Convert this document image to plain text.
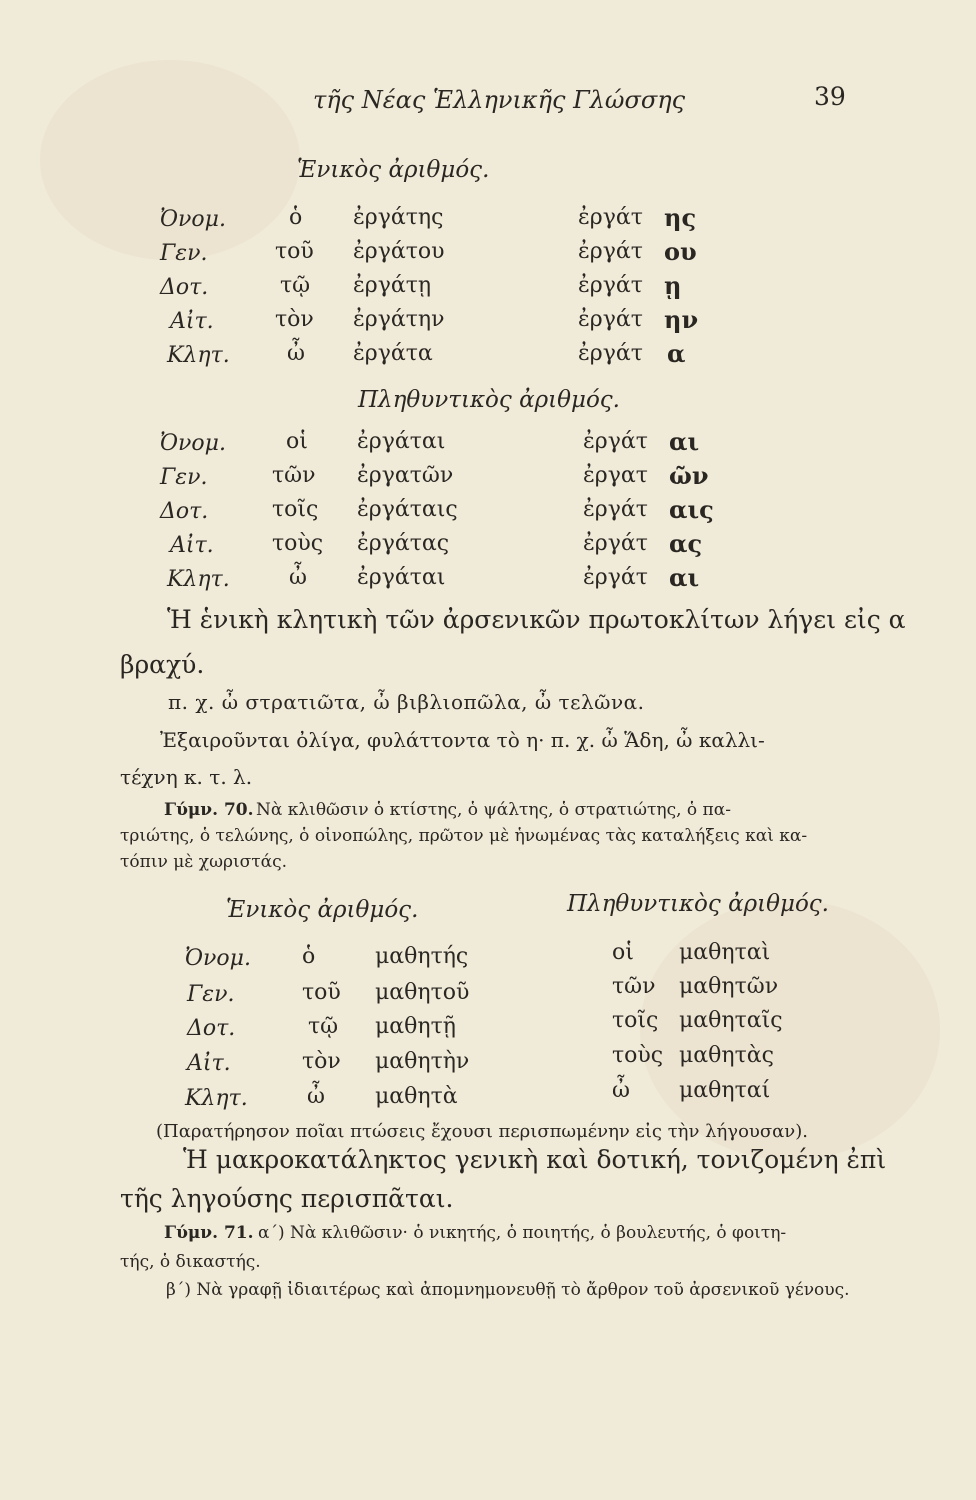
τῆς Νέας Ἑλληνικῆς Γλώσσης	39
Ἑνικὸς ἀριθμός.
Ὀνομ.	ὁ ἐργάτης	ἐργάτ ης
Γεν.	τοῦ ἐργάτου	ἐργάτ ου
Δοτ.	τῷ ἐργάτῃ	ἐργάτ ῃ
Αἰτ.	τὸν ἐργάτην	ἐργάτ ην
Κλητ.	ὦ ἐργάτα	ἐργάτ α
Πληθυντικὸς ἀριθμός.
Ὀνομ.	οἱ ἐργάται	ἐργάτ αι
Γεν.	τῶν ἐργατῶν	ἐργατ ῶν
Δοτ.	τοῖς ἐργάταις	ἐργάτ αις
Αἰτ.	τοὺς ἐργάτας	ἐργάτ ας
Κλητ.	ὦ ἐργάται	ἐργάτ αι
Ἡ ἑνικὴ κλητικὴ τῶν ἀρσενικῶν πρωτοκλίτων λήγει εἰς α
βραχύ.
π. χ. ὦ στρατιῶτα, ὦ βιβλιοπῶλα, ὦ τελῶνα.
Ἐξαιροῦνται ὀλίγα, φυλάττοντα τὸ η· π. χ. ὦ Ἅδη, ὦ καλλι-
τέχνη κ. τ. λ.
Γύμν. 70. Νὰ κλιθῶσιν ὁ κτίστης, ὁ ψάλτης, ὁ στρατιώτης, ὁ πα-
τριώτης, ὁ τελώνης, ὁ οἰνοπώλης, πρῶτον μὲ ἡνωμένας τὰς καταλήξεις καὶ κα-
τόπιν μὲ χωριστάς.
Ἑνικὸς ἀριθμός.	Πληθυντικὸς ἀριθμός.
Ὀνομ. ὁ	μαθητής	οἱ μαθηταὶ
Γεν.	τοῦ μαθητοῦ	τῶν μαθητῶν
Δοτ.	τῷ μαθητῇ	τοῖς μαθηταῖς
Αἰτ.	τὸν μαθητὴν	τοὺς μαθητὰς
Κλητ.	ὦ μαθητὰ	ὦ μαθηταί
(Παρατήρησον ποῖαι πτώσεις ἔχουσι περισπωμένην εἰς τὴν λήγουσαν).
Ἡ μακροκατάληκτος γενικὴ καὶ δοτική, τονιζομένη ἐπὶ
τῆς ληγούσης περισπᾶται.
Γύμν. 71. α΄) Νὰ κλιθῶσιν· ὁ νικητής, ὁ ποιητής, ὁ βουλευτής, ὁ φοιτη-
τής, ὁ δικαστής.
β΄) Νὰ γραφῇ ἰδιαιτέρως καὶ ἀπομνημονευθῇ τὸ ἄρθρον τοῦ ἀρσενικοῦ γένους.
